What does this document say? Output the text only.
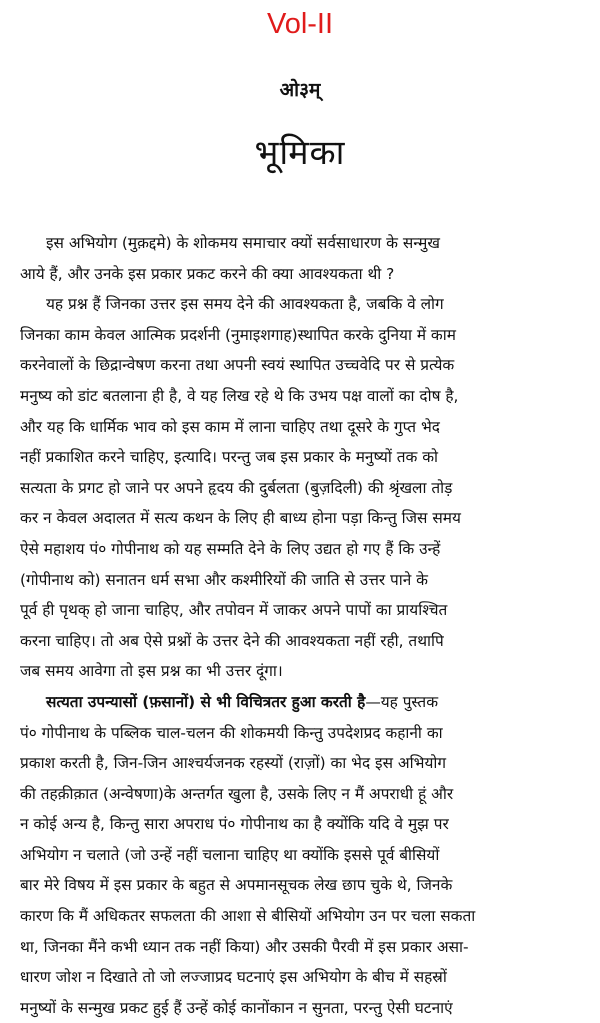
Vol-II
ओ३म्
भूमिका
इस अभियोग (मुक़द्दमे) के शोकमय समाचार क्यों सर्वसाधारण के सन्मुख
आये हैं, और उनके इस प्रकार प्रकट करने की क्या आवश्यकता थी ?
यह प्रश्न हैं जिनका उत्तर इस समय देने की आवश्यकता है, जबकि वे लोग
जिनका काम केवल आत्मिक प्रदर्शनी (नुमाइशगाह)स्थापित करके दुनिया में काम
करनेवालों के छिद्रान्वेषण करना तथा अपनी स्वयं स्थापित उच्चवेदि पर से प्रत्येक
मनुष्य को डांट बतलाना ही है, वे यह लिख रहे थे कि उभय पक्ष वालों का दोष है,
और यह कि धार्मिक भाव को इस काम में लाना चाहिए तथा दूसरे के गुप्त भेद
नहीं प्रकाशित करने चाहिए, इत्यादि। परन्तु जब इस प्रकार के मनुष्यों तक को
सत्यता के प्रगट हो जाने पर अपने हृदय की दुर्बलता (बुज़दिली) की श्रृंखला तोड़
कर न केवल अदालत में सत्य कथन के लिए ही बाध्य होना पड़ा किन्तु जिस समय
ऐसे महाशय पं० गोपीनाथ को यह सम्मति देने के लिए उद्यत हो गए हैं कि उन्हें
(गोपीनाथ को) सनातन धर्म सभा और कश्मीरियों की जाति से उत्तर पाने के
पूर्व ही पृथक् हो जाना चाहिए, और तपोवन में जाकर अपने पापों का प्रायश्चित
करना चाहिए। तो अब ऐसे प्रश्नों के उत्तर देने की आवश्यकता नहीं रही, तथापि
जब समय आवेगा तो इस प्रश्न का भी उत्तर दूंगा।
सत्यता उपन्यासों (फ़सानों) से भी विचित्रतर हुआ करती है—यह पुस्तक
पं० गोपीनाथ के पब्लिक चाल-चलन की शोकमयी किन्तु उपदेशप्रद कहानी का
प्रकाश करती है, जिन-जिन आश्चर्यजनक रहस्यों (राज़ों) का भेद इस अभियोग
की तहक़ीक़ात (अन्वेषणा)के अन्तर्गत खुला है, उसके लिए न मैं अपराधी हूं और
न कोई अन्य है, किन्तु सारा अपराध पं० गोपीनाथ का है क्योंकि यदि वे मुझ पर
अभियोग न चलाते (जो उन्हें नहीं चलाना चाहिए था क्योंकि इससे पूर्व बीसियों
बार मेरे विषय में इस प्रकार के बहुत से अपमानसूचक लेख छाप चुके थे, जिनके
कारण कि मैं अधिकतर सफलता की आशा से बीसियों अभियोग उन पर चला सकता
था, जिनका मैंने कभी ध्यान तक नहीं किया) और उसकी पैरवी में इस प्रकार असा-
धारण जोश न दिखाते तो जो लज्जाप्रद घटनाएं इस अभियोग के बीच में सहस्रों
मनुष्यों के सन्मुख प्रकट हुई हैं उन्हें कोई कानोंकान न सुनता, परन्तु ऐसी घटनाएं
